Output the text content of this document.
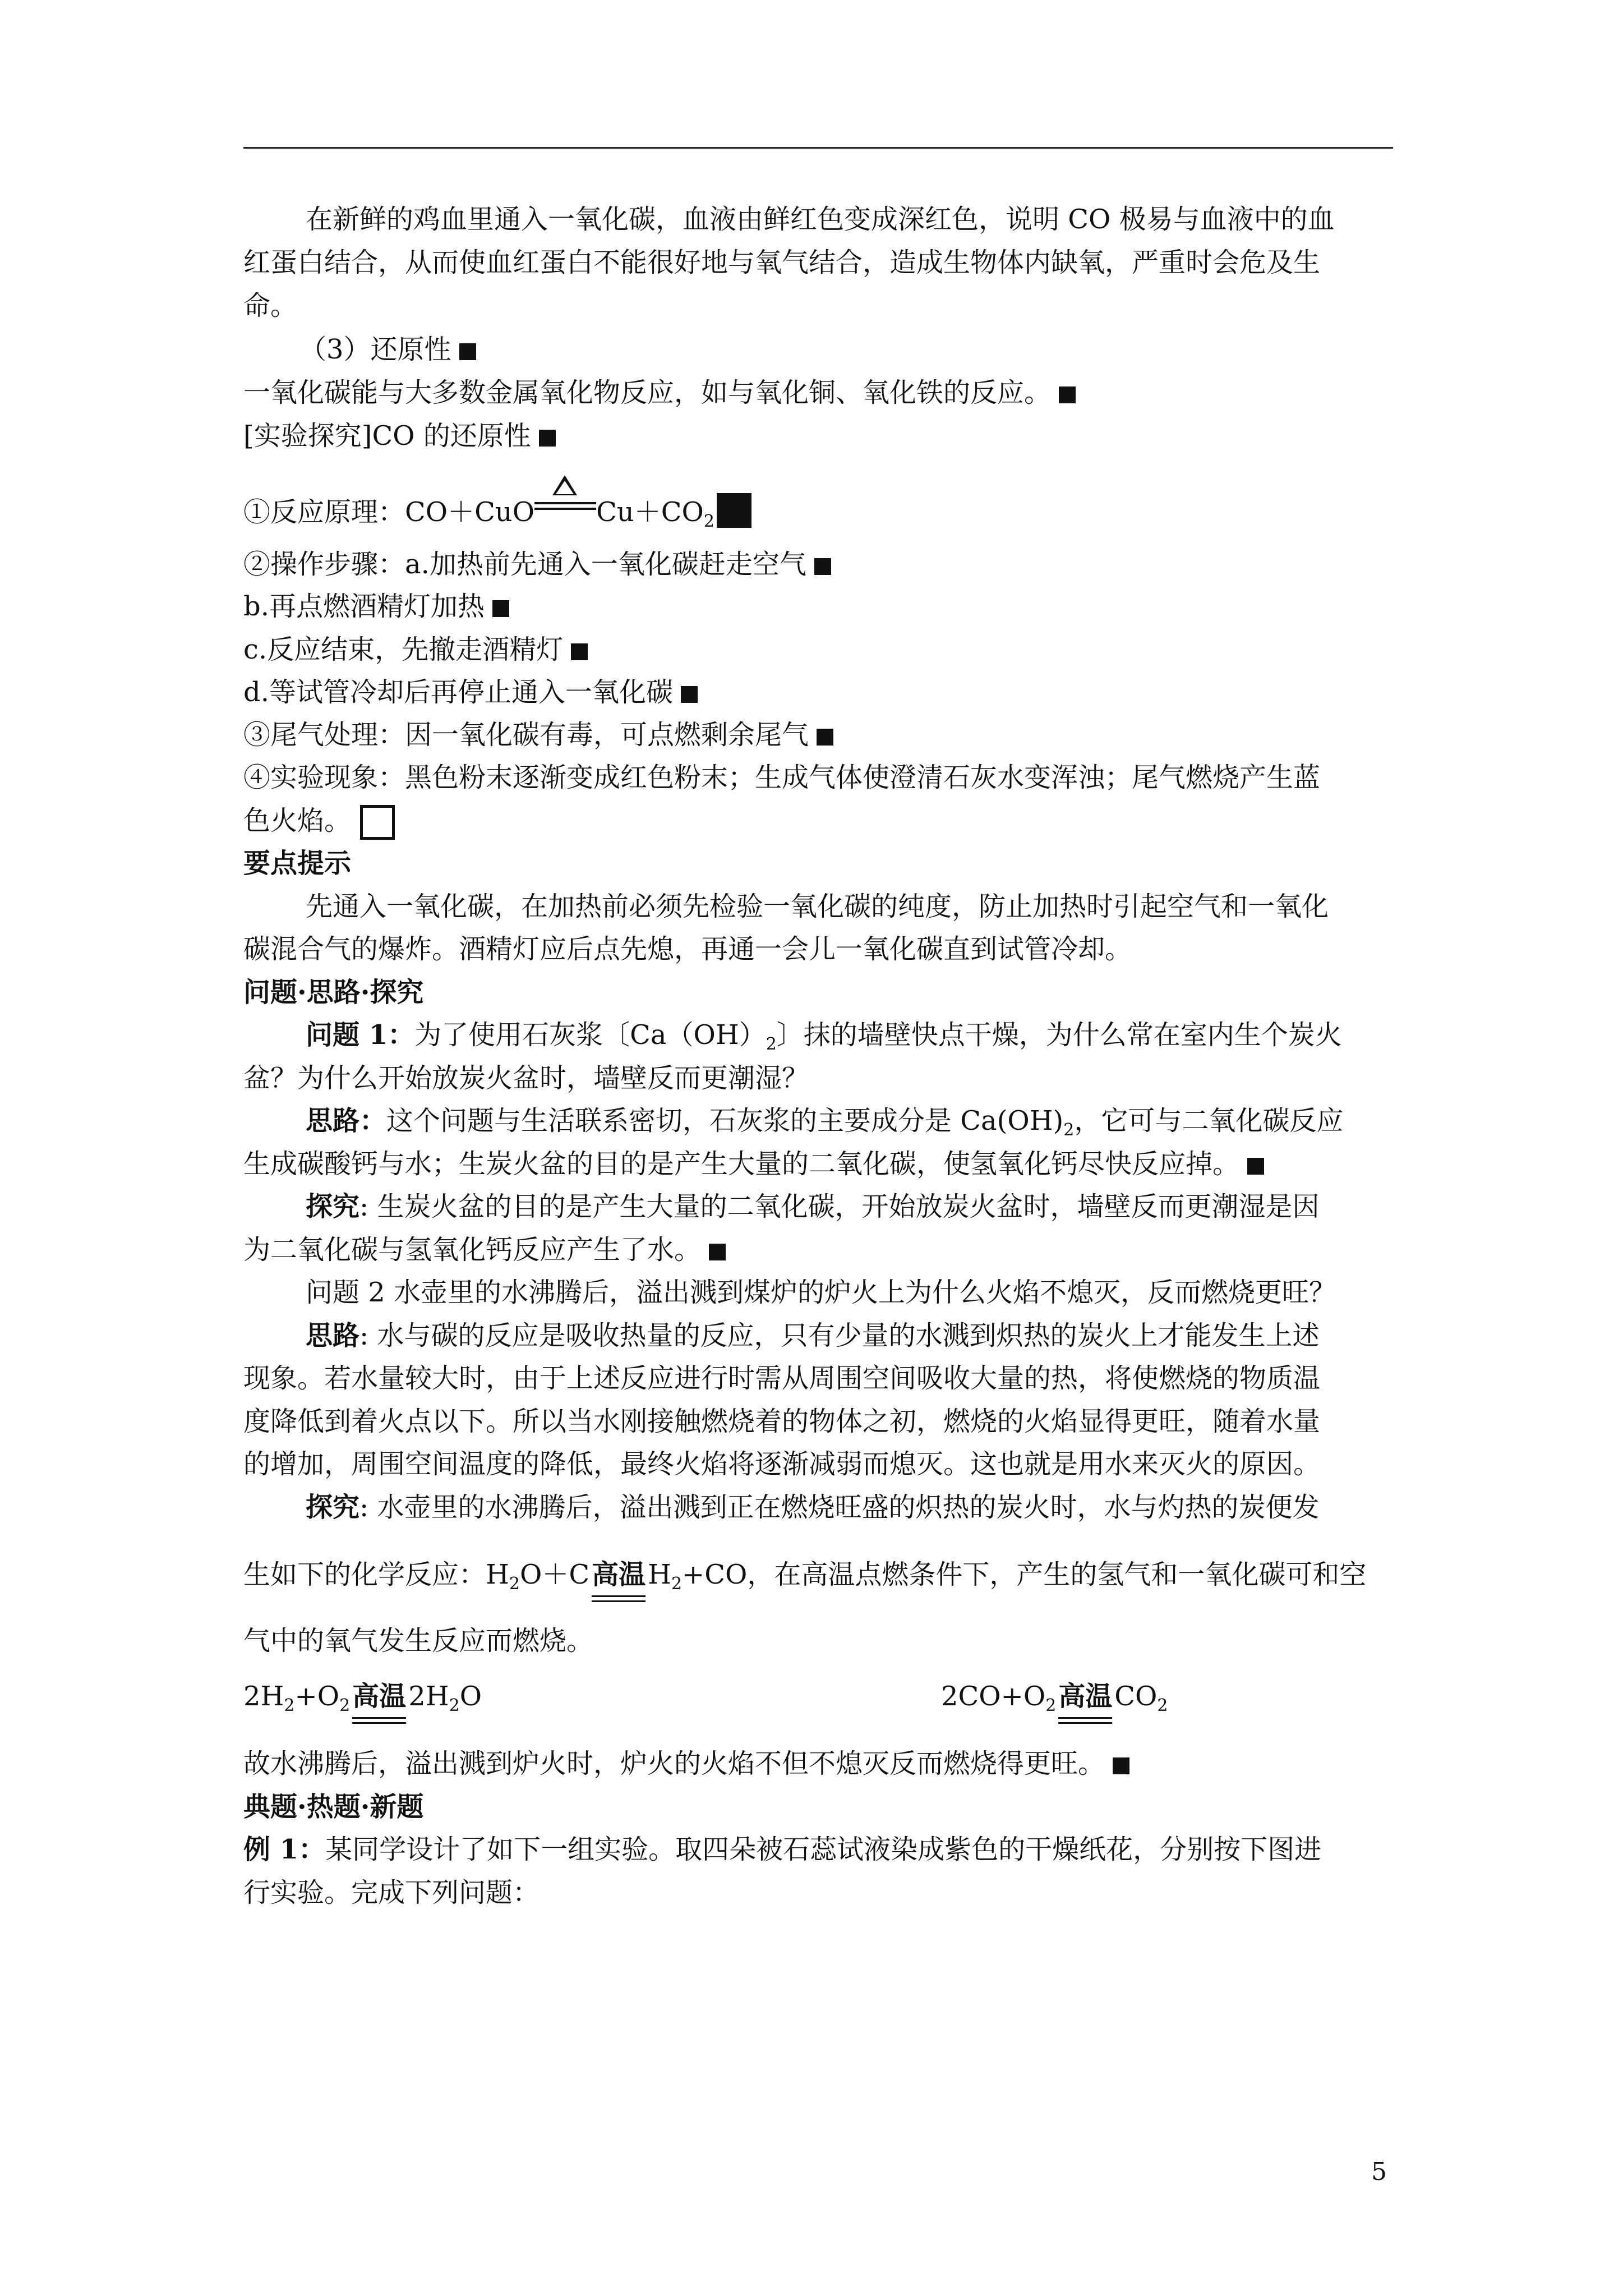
在新鲜的鸡血里通入一氧化碳，血液由鲜红色变成深红色，说明 CO 极易与血液中的血
红蛋白结合，从而使血红蛋白不能很好地与氧气结合，造成生物体内缺氧，严重时会危及生
命。
（3）还原性
一氧化碳能与大多数金属氧化物反应，如与氧化铜、氧化铁的反应。
[实验探究]CO 的还原性
①反应原理：CO＋CuO $Cu+CO_2$
②操作步骤：a.加热前先通入一氧化碳赶走空气
b.再点燃酒精灯加热
c.反应结束，先撤走酒精灯
d.等试管冷却后再停止通入一氧化碳
③尾气处理：因一氧化碳有毒，可点燃剩余尾气
④实验现象：黑色粉末逐渐变成红色粉末；生成气体使澄清石灰水变浑浊；尾气燃烧产生蓝
色火焰。
要点提示
先通入一氧化碳，在加热前必须先检验一氧化碳的纯度，防止加热时引起空气和一氧化
碳混合气的爆炸。酒精灯应后点先熄，再通一会儿一氧化碳直到试管冷却。
问题·思路·探究
问题 1：为了使用石灰浆〔$Ca(OH)_2$〕抹的墙壁快点干燥，为什么常在室内生个炭火
盆？为什么开始放炭火盆时，墙壁反而更潮湿？
思路：这个问题与生活联系密切，石灰浆的主要成分是 $Ca(OH)_2$，它可与二氧化碳反应
生成碳酸钙与水；生炭火盆的目的是产生大量的二氧化碳，使氢氧化钙尽快反应掉。
探究: 生炭火盆的目的是产生大量的二氧化碳，开始放炭火盆时，墙壁反而更潮湿是因
为二氧化碳与氢氧化钙反应产生了水。
问题 2 水壶里的水沸腾后，溢出溅到煤炉的炉火上为什么火焰不熄灭，反而燃烧更旺？
思路: 水与碳的反应是吸收热量的反应，只有少量的水溅到炽热的炭火上才能发生上述
现象。若水量较大时，由于上述反应进行时需从周围空间吸收大量的热，将使燃烧的物质温
度降低到着火点以下。所以当水刚接触燃烧着的物体之初，燃烧的火焰显得更旺，随着水量
的增加，周围空间温度的降低，最终火焰将逐渐减弱而熄灭。这也就是用水来灭火的原因。
探究: 水壶里的水沸腾后，溢出溅到正在燃烧旺盛的炽热的炭火时，水与灼热的炭便发
生如下的化学反应：$H_2O+C$高温$H_2+CO$，在高温点燃条件下，产生的氢气和一氧化碳可和空
气中的氧气发生反应而燃烧。
$2H_2+O_2$高温$2H_2O$	$2CO+O_2$高温$CO_2$
故水沸腾后，溢出溅到炉火时，炉火的火焰不但不熄灭反而燃烧得更旺。
典题·热题·新题
例 1：某同学设计了如下一组实验。取四朵被石蕊试液染成紫色的干燥纸花，分别按下图进
行实验。完成下列问题：
5
